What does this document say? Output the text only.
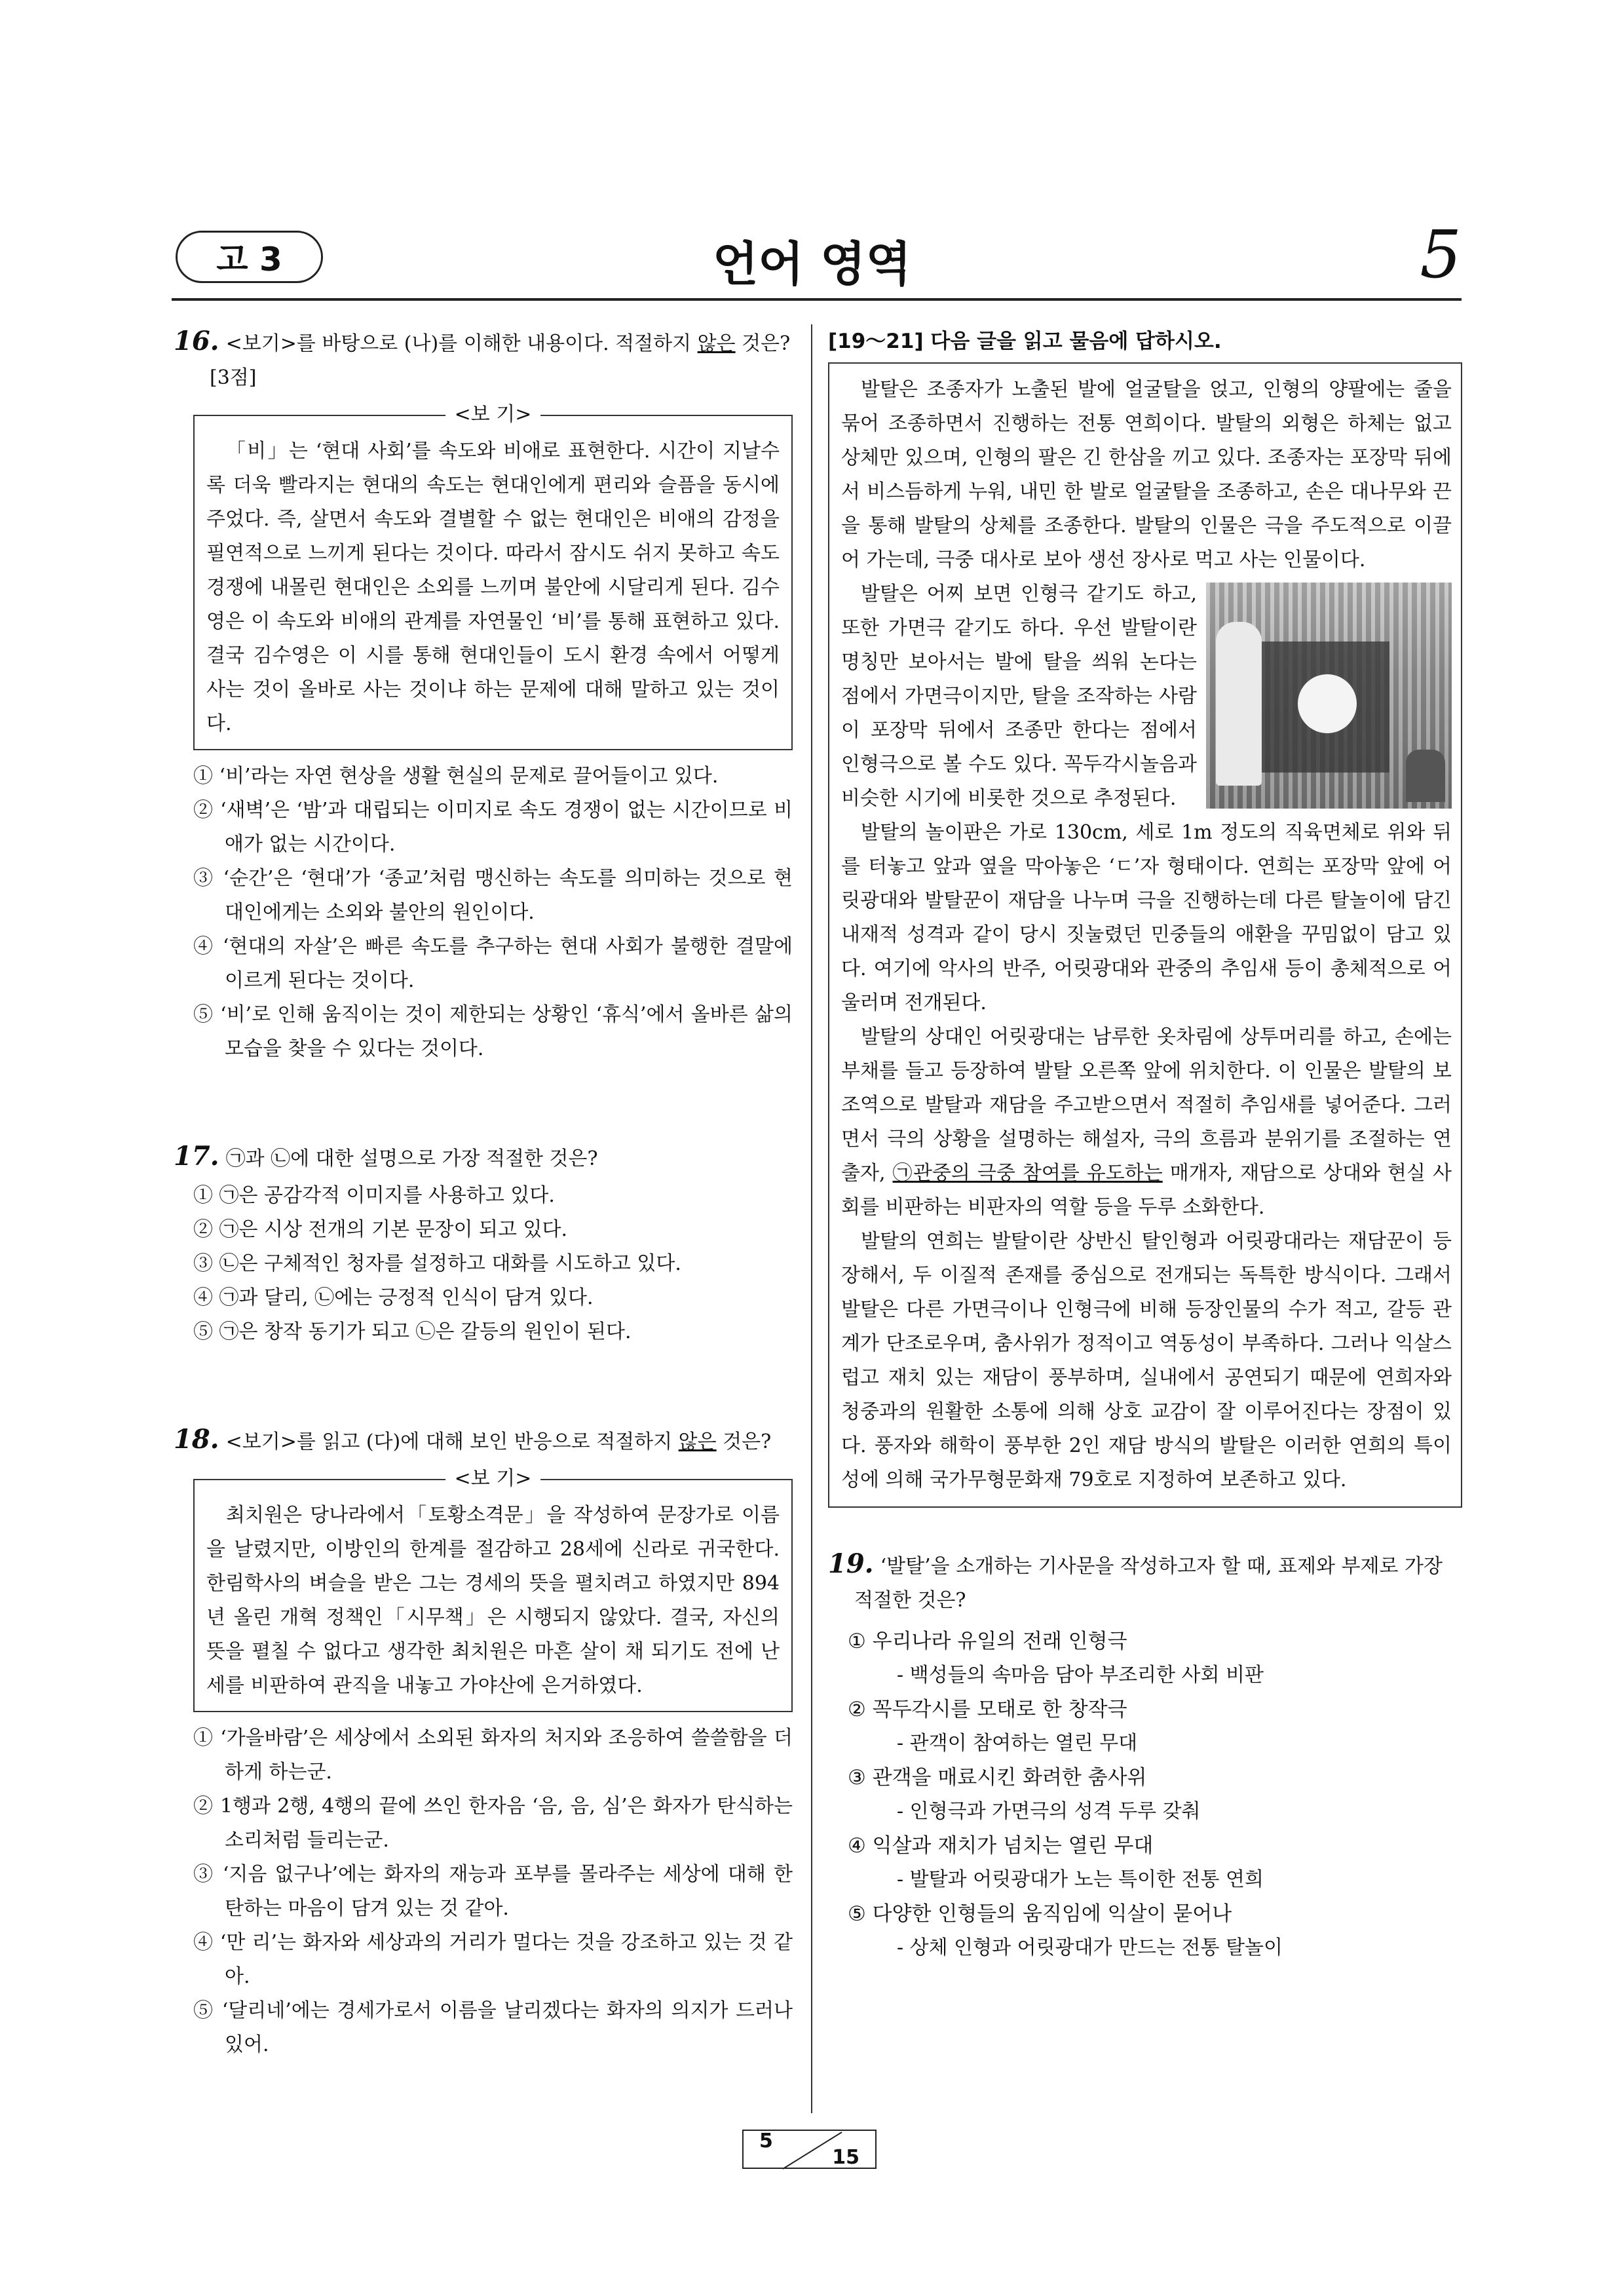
고 3	언어 영역	5

16. <보기>를 바탕으로 (나)를 이해한 내용이다. 적절하지 않은 것은? [3점]

<보 기>

「비」는 ‘현대 사회’를 속도와 비애로 표현한다. 시간이 지날수록 더욱 빨라지는 현대의 속도는 현대인에게 편리와 슬픔을 동시에 주었다. 즉, 살면서 속도와 결별할 수 없는 현대인은 비애의 감정을 필연적으로 느끼게 된다는 것이다. 따라서 잠시도 쉬지 못하고 속도 경쟁에 내몰린 현대인은 소외를 느끼며 불안에 시달리게 된다. 김수영은 이 속도와 비애의 관계를 자연물인 ‘비’를 통해 표현하고 있다. 결국 김수영은 이 시를 통해 현대인들이 도시 환경 속에서 어떻게 사는 것이 올바로 사는 것이냐 하는 문제에 대해 말하고 있는 것이다.

① ‘비’라는 자연 현상을 생활 현실의 문제로 끌어들이고 있다.
② ‘새벽’은 ‘밤’과 대립되는 이미지로 속도 경쟁이 없는 시간이므로 비애가 없는 시간이다.
③ ‘순간’은 ‘현대’가 ‘종교’처럼 맹신하는 속도를 의미하는 것으로 현대인에게는 소외와 불안의 원인이다.
④ ‘현대의 자살’은 빠른 속도를 추구하는 현대 사회가 불행한 결말에 이르게 된다는 것이다.
⑤ ‘비’로 인해 움직이는 것이 제한되는 상황인 ‘휴식’에서 올바른 삶의 모습을 찾을 수 있다는 것이다.

17. ㉠과 ㉡에 대한 설명으로 가장 적절한 것은?

① ㉠은 공감각적 이미지를 사용하고 있다.
② ㉠은 시상 전개의 기본 문장이 되고 있다.
③ ㉡은 구체적인 청자를 설정하고 대화를 시도하고 있다.
④ ㉠과 달리, ㉡에는 긍정적 인식이 담겨 있다.
⑤ ㉠은 창작 동기가 되고 ㉡은 갈등의 원인이 된다.

18. <보기>를 읽고 (다)에 대해 보인 반응으로 적절하지 않은 것은?

<보 기>

최치원은 당나라에서「토황소격문」을 작성하여 문장가로 이름을 날렸지만, 이방인의 한계를 절감하고 28세에 신라로 귀국한다. 한림학사의 벼슬을 받은 그는 경세의 뜻을 펼치려고 하였지만 894년 올린 개혁 정책인「시무책」은 시행되지 않았다. 결국, 자신의 뜻을 펼칠 수 없다고 생각한 최치원은 마흔 살이 채 되기도 전에 난세를 비판하여 관직을 내놓고 가야산에 은거하였다.

① ‘가을바람’은 세상에서 소외된 화자의 처지와 조응하여 쓸쓸함을 더하게 하는군.
② 1행과 2행, 4행의 끝에 쓰인 한자음 ‘음, 음, 심’은 화자가 탄식하는 소리처럼 들리는군.
③ ‘지음 없구나’에는 화자의 재능과 포부를 몰라주는 세상에 대해 한탄하는 마음이 담겨 있는 것 같아.
④ ‘만 리’는 화자와 세상과의 거리가 멀다는 것을 강조하고 있는 것 같아.
⑤ ‘달리네’에는 경세가로서 이름을 날리겠다는 화자의 의지가 드러나 있어.
[19～21] 다음 글을 읽고 물음에 답하시오.

발탈은 조종자가 노출된 발에 얼굴탈을 얹고, 인형의 양팔에는 줄을 묶어 조종하면서 진행하는 전통 연희이다. 발탈의 외형은 하체는 없고 상체만 있으며, 인형의 팔은 긴 한삼을 끼고 있다. 조종자는 포장막 뒤에서 비스듬하게 누워, 내민 한 발로 얼굴탈을 조종하고, 손은 대나무와 끈을 통해 발탈의 상체를 조종한다. 발탈의 인물은 극을 주도적으로 이끌어 가는데, 극중 대사로 보아 생선 장사로 먹고 사는 인물이다.

발탈은 어찌 보면 인형극 같기도 하고, 또한 가면극 같기도 하다. 우선 발탈이란 명칭만 보아서는 발에 탈을 씌워 논다는 점에서 가면극이지만, 탈을 조작하는 사람이 포장막 뒤에서 조종만 한다는 점에서 인형극으로 볼 수도 있다. 꼭두각시놀음과 비슷한 시기에 비롯한 것으로 추정된다.

발탈의 놀이판은 가로 130cm, 세로 1m 정도의 직육면체로 위와 뒤를 터놓고 앞과 옆을 막아놓은 ‘ㄷ’자 형태이다. 연희는 포장막 앞에 어릿광대와 발탈꾼이 재담을 나누며 극을 진행하는데 다른 탈놀이에 담긴 내재적 성격과 같이 당시 짓눌렸던 민중들의 애환을 꾸밈없이 담고 있다. 여기에 악사의 반주, 어릿광대와 관중의 추임새 등이 총체적으로 어울러며 전개된다.

발탈의 상대인 어릿광대는 남루한 옷차림에 상투머리를 하고, 손에는 부채를 들고 등장하여 발탈 오른쪽 앞에 위치한다. 이 인물은 발탈의 보조역으로 발탈과 재담을 주고받으면서 적절히 추임새를 넣어준다. 그러면서 극의 상황을 설명하는 해설자, 극의 흐름과 분위기를 조절하는 연출자, ㉠관중의 극중 참여를 유도하는 매개자, 재담으로 상대와 현실 사회를 비판하는 비판자의 역할 등을 두루 소화한다.

발탈의 연희는 발탈이란 상반신 탈인형과 어릿광대라는 재담꾼이 등장해서, 두 이질적 존재를 중심으로 전개되는 독특한 방식이다. 그래서 발탈은 다른 가면극이나 인형극에 비해 등장인물의 수가 적고, 갈등 관계가 단조로우며, 춤사위가 정적이고 역동성이 부족하다. 그러나 익살스럽고 재치 있는 재담이 풍부하며, 실내에서 공연되기 때문에 연희자와 청중과의 원활한 소통에 의해 상호 교감이 잘 이루어진다는 장점이 있다. 풍자와 해학이 풍부한 2인 재담 방식의 발탈은 이러한 연희의 특이성에 의해 국가무형문화재 79호로 지정하여 보존하고 있다.

19. ‘발탈’을 소개하는 기사문을 작성하고자 할 때, 표제와 부제로 가장 적절한 것은?

① 우리나라 유일의 전래 인형극
- 백성들의 속마음 담아 부조리한 사회 비판
② 꼭두각시를 모태로 한 창작극
- 관객이 참여하는 열린 무대
③ 관객을 매료시킨 화려한 춤사위
- 인형극과 가면극의 성격 두루 갖춰
④ 익살과 재치가 넘치는 열린 무대
- 발탈과 어릿광대가 노는 특이한 전통 연희
⑤ 다양한 인형들의 움직임에 익살이 묻어나
- 상체 인형과 어릿광대가 만드는 전통 탈놀이
5
15
